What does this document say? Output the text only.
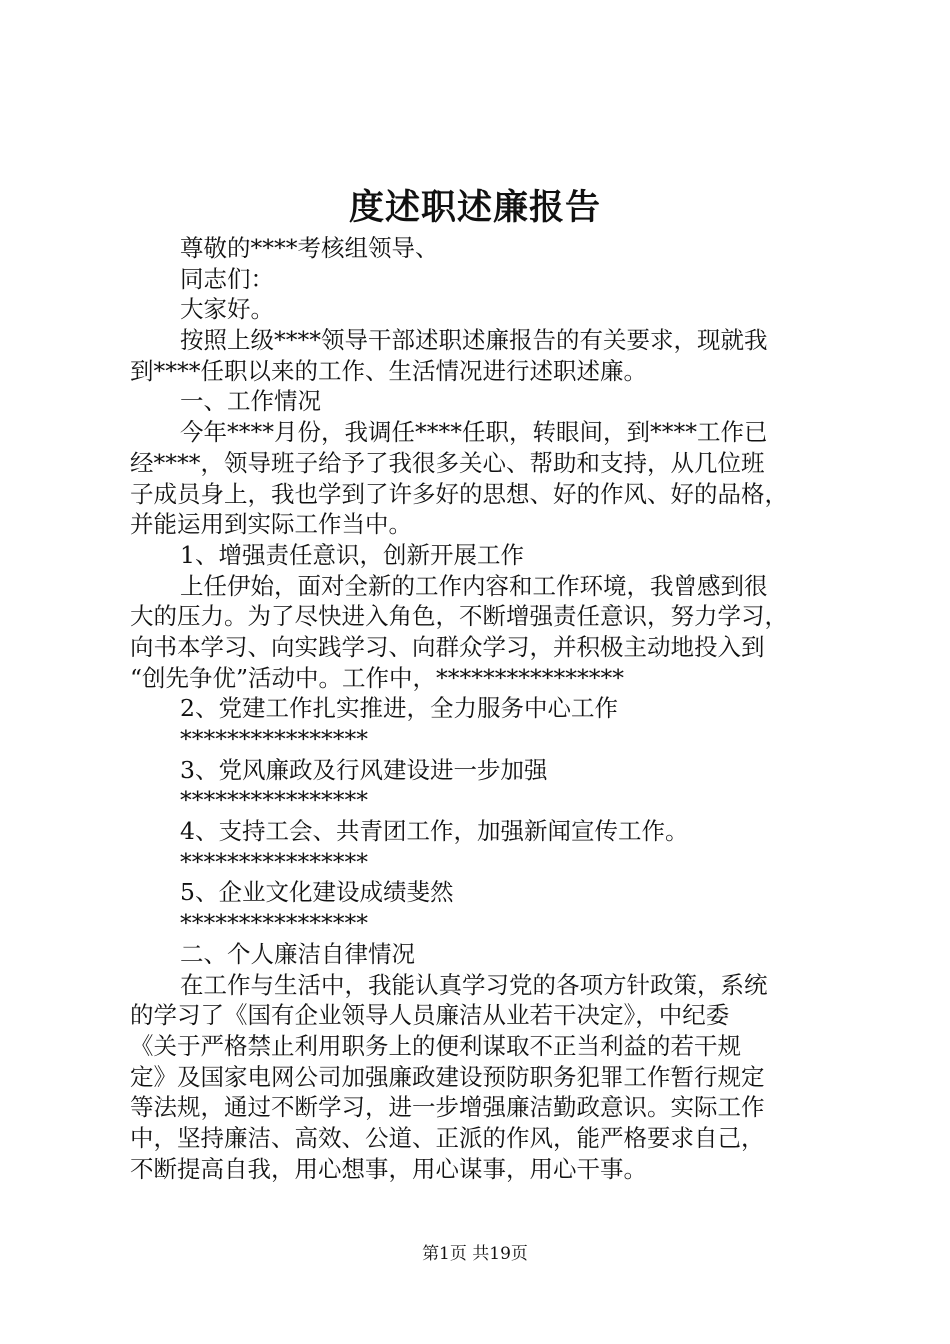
度述职述廉报告
尊敬的****考核组领导、
同志们：
大家好。
按照上级****领导干部述职述廉报告的有关要求，现就我
到****任职以来的工作、生活情况进行述职述廉。
一、工作情况
今年****月份，我调任****任职，转眼间，到****工作已
经****，领导班子给予了我很多关心、帮助和支持，从几位班
子成员身上，我也学到了许多好的思想、好的作风、好的品格，
并能运用到实际工作当中。
1、增强责任意识，创新开展工作
上任伊始，面对全新的工作内容和工作环境，我曾感到很
大的压力。为了尽快进入角色，不断增强责任意识，努力学习，
向书本学习、向实践学习、向群众学习，并积极主动地投入到
“创先争优”活动中。工作中，****************
2、党建工作扎实推进，全力服务中心工作
****************
3、党风廉政及行风建设进一步加强
****************
4、支持工会、共青团工作，加强新闻宣传工作。
****************
5、企业文化建设成绩斐然
****************
二、个人廉洁自律情况
在工作与生活中，我能认真学习党的各项方针政策，系统
的学习了《国有企业领导人员廉洁从业若干决定》，中纪委
《关于严格禁止利用职务上的便利谋取不正当利益的若干规
定》及国家电网公司加强廉政建设预防职务犯罪工作暂行规定
等法规，通过不断学习，进一步增强廉洁勤政意识。实际工作
中，坚持廉洁、高效、公道、正派的作风，能严格要求自己，
不断提高自我，用心想事，用心谋事，用心干事。
第1页 共19页
